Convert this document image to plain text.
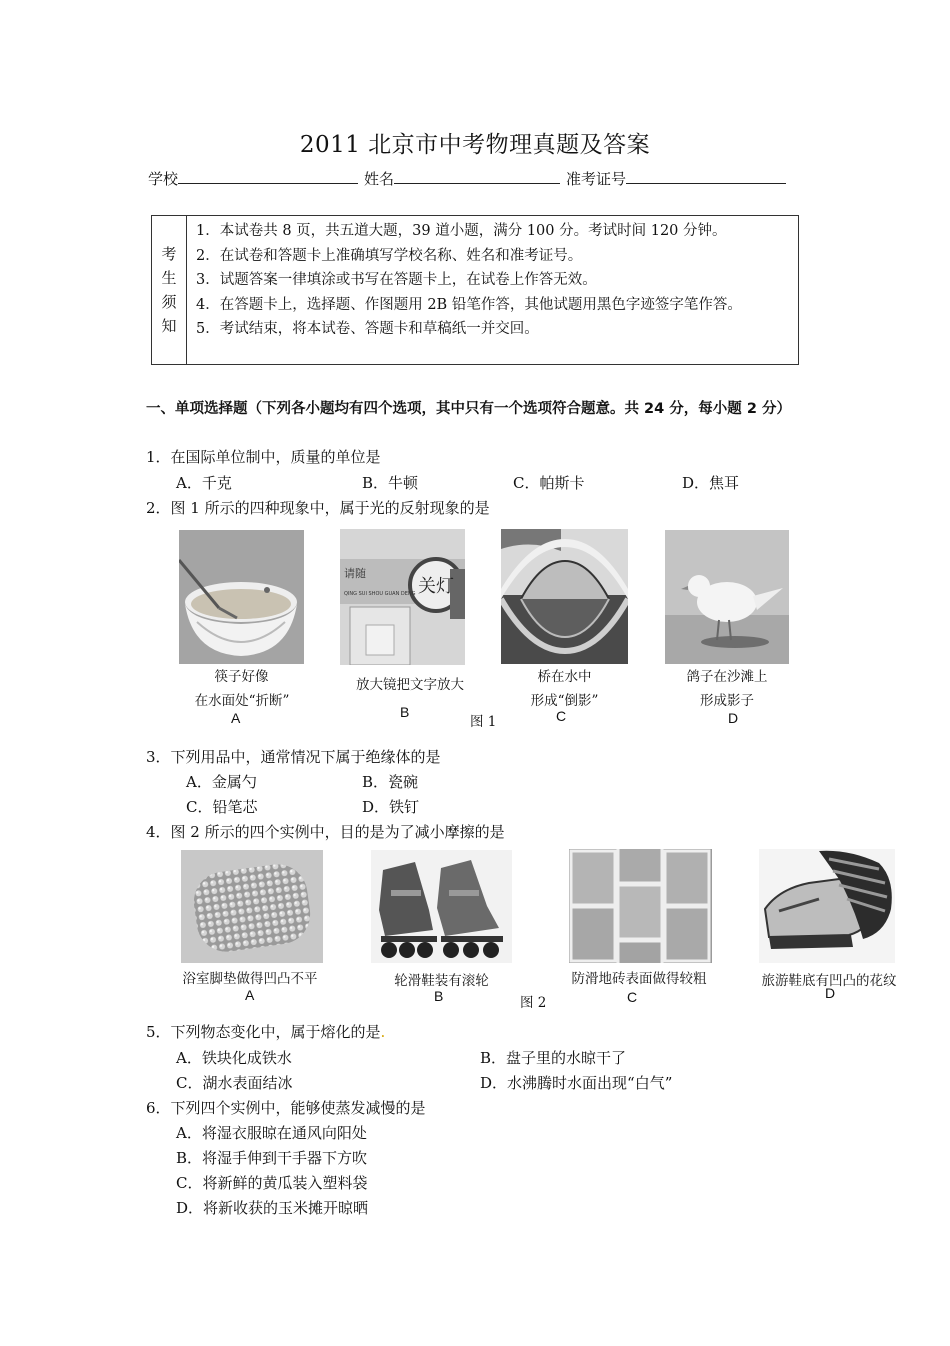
2011 北京市中考物理真题及答案
学校	姓名	准考证号
考
生
须
知
1．本试卷共 8 页，共五道大题，39 道小题，满分 100 分。考试时间 120 分钟。
2．在试卷和答题卡上准确填写学校名称、姓名和准考证号。
3．试题答案一律填涂或书写在答题卡上，在试卷上作答无效。
4．在答题卡上，选择题、作图题用 2B 铅笔作答，其他试题用黑色字迹签字笔作答。
5．考试结束，将本试卷、答题卡和草稿纸一并交回。
一、单项选择题（下列各小题均有四个选项，其中只有一个选项符合题意。共 24 分，每小题 2 分）
1．在国际单位制中，质量的单位是
A．千克	B．牛顿	C．帕斯卡	D．焦耳
2．图 1 所示的四种现象中，属于光的反射现象的是
筷子好像
在水面处“折断”
A
请随
关灯
QING SUI SHOU GUAN DENG
放大镜把文字放大
B
图 1
桥在水中
形成“倒影”
C
鸽子在沙滩上
形成影子
D
3．下列用品中，通常情况下属于绝缘体的是
A．金属勺	B．瓷碗
C．铅笔芯	D．铁钉
4．图 2 所示的四个实例中，目的是为了减小摩擦的是
浴室脚垫做得凹凸不平
A
轮滑鞋装有滚轮
B	图 2
防滑地砖表面做得较粗
C
旅游鞋底有凹凸的花纹
D
5．下列物态变化中，属于熔化的是.
A．铁块化成铁水	B．盘子里的水晾干了
C．湖水表面结冰	D．水沸腾时水面出现“白气”
6．下列四个实例中，能够使蒸发减慢的是
A．将湿衣服晾在通风向阳处
B．将湿手伸到干手器下方吹
C．将新鲜的黄瓜装入塑料袋
D．将新收获的玉米摊开晾晒
